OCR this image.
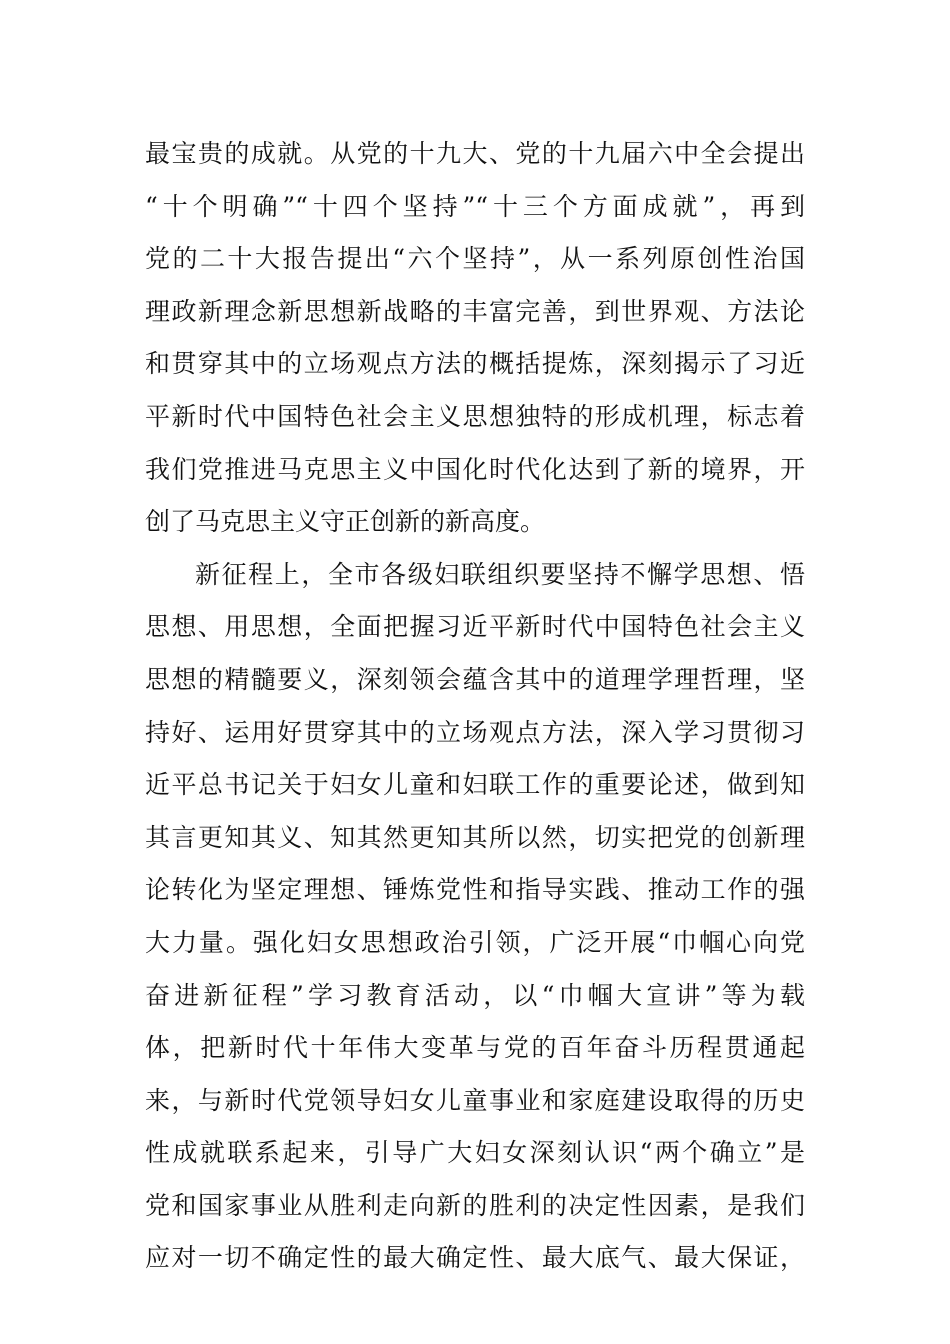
最宝贵的成就。从党的十九大、党的十九届六中全会提出
“十个明确”“十四个坚持”“十三个方面成就”，再到
党的二十大报告提出“六个坚持”，从一系列原创性治国
理政新理念新思想新战略的丰富完善，到世界观、方法论
和贯穿其中的立场观点方法的概括提炼，深刻揭示了习近
平新时代中国特色社会主义思想独特的形成机理，标志着
我们党推进马克思主义中国化时代化达到了新的境界，开
创了马克思主义守正创新的新高度。
新征程上，全市各级妇联组织要坚持不懈学思想、悟
思想、用思想，全面把握习近平新时代中国特色社会主义
思想的精髓要义，深刻领会蕴含其中的道理学理哲理，坚
持好、运用好贯穿其中的立场观点方法，深入学习贯彻习
近平总书记关于妇女儿童和妇联工作的重要论述，做到知
其言更知其义、知其然更知其所以然，切实把党的创新理
论转化为坚定理想、锤炼党性和指导实践、推动工作的强
大力量。强化妇女思想政治引领，广泛开展“巾帼心向党
奋进新征程”学习教育活动，以“巾帼大宣讲”等为载
体，把新时代十年伟大变革与党的百年奋斗历程贯通起
来，与新时代党领导妇女儿童事业和家庭建设取得的历史
性成就联系起来，引导广大妇女深刻认识“两个确立”是
党和国家事业从胜利走向新的胜利的决定性因素，是我们
应对一切不确定性的最大确定性、最大底气、最大保证，
